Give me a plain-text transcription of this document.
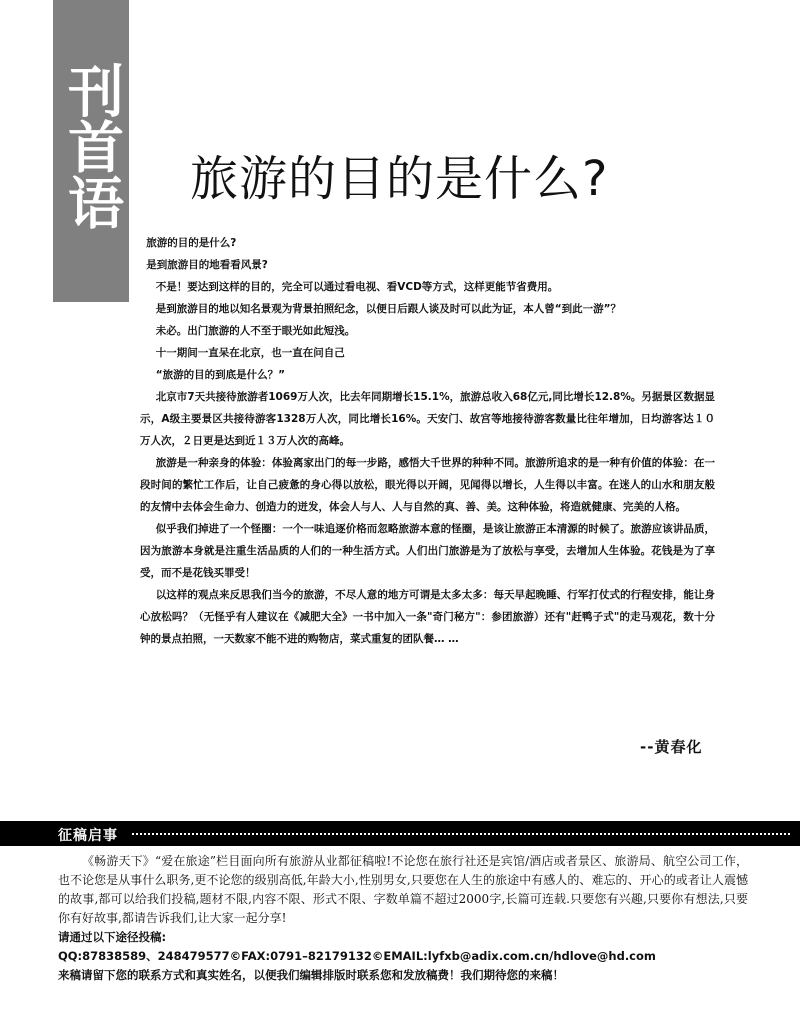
刊首语 旅游的目的是什么?

旅游的目的是什么?

是到旅游目的地看看风景?

不是！要达到这样的目的，完全可以通过看电视、看VCD等方式，这样更能节省费用。

是到旅游目的地以知名景观为背景拍照纪念，以便日后跟人谈及时可以此为证，本人曾“到此一游”？

未必。出门旅游的人不至于眼光如此短浅。

十一期间一直呆在北京，也一直在问自己

“旅游的目的到底是什么？”

北京市7天共接待旅游者1069万人次，比去年同期增长15.1%，旅游总收入68亿元,同比增长12.8%。另据景区数据显示，A级主要景区共接待游客1328万人次，同比增长16%。天安门、故宫等地接待游客数量比往年增加，日均游客达１０万人次，２日更是达到近１３万人次的高峰。

旅游是一种亲身的体验：体验离家出门的每一步路，感悟大千世界的种种不同。旅游所追求的是一种有价值的体验：在一段时间的繁忙工作后，让自己疲惫的身心得以放松，眼光得以开阔，见闻得以增长，人生得以丰富。在迷人的山水和朋友般的友情中去体会生命力、创造力的迸发，体会人与人、人与自然的真、善、美。这种体验，将造就健康、完美的人格。

似乎我们掉进了一个怪圈：一个一味追逐价格而忽略旅游本意的怪圈，是该让旅游正本清源的时候了。旅游应该讲品质，因为旅游本身就是注重生活品质的人们的一种生活方式。人们出门旅游是为了放松与享受，去增加人生体验。花钱是为了享受，而不是花钱买罪受！

以这样的观点来反思我们当今的旅游，不尽人意的地方可谓是太多太多：每天早起晚睡、行军打仗式的行程安排，能让身心放松吗？（无怪乎有人建议在《减肥大全》一书中加入一条"奇门秘方"：参团旅游）还有"赶鸭子式"的走马观花，数十分钟的景点拍照，一天数家不能不进的购物店，菜式重复的团队餐… …

--黄春化
征稿启事

《畅游天下》“爱在旅途”栏目面向所有旅游从业都征稿啦!不论您在旅行社还是宾馆/酒店或者景区、旅游局、航空公司工作，也不论您是从事什么职务,更不论您的级别高低,年龄大小,性别男女,只要您在人生的旅途中有感人的、难忘的、开心的或者让人震憾的故事,都可以给我们投稿,题材不限,内容不限、形式不限、字数单篇不超过2000字,长篇可连载.只要您有兴趣,只要你有想法,只要你有好故事,都请告诉我们,让大家一起分享!

请通过以下途径投稿:
QQ:87838589、248479577©FAX:0791–82179132©EMAIL:lyfxb@adix.com.cn/hdlove@hd.com
来稿请留下您的联系方式和真实姓名，以便我们编辑排版时联系您和发放稿费！我们期待您的来稿！
